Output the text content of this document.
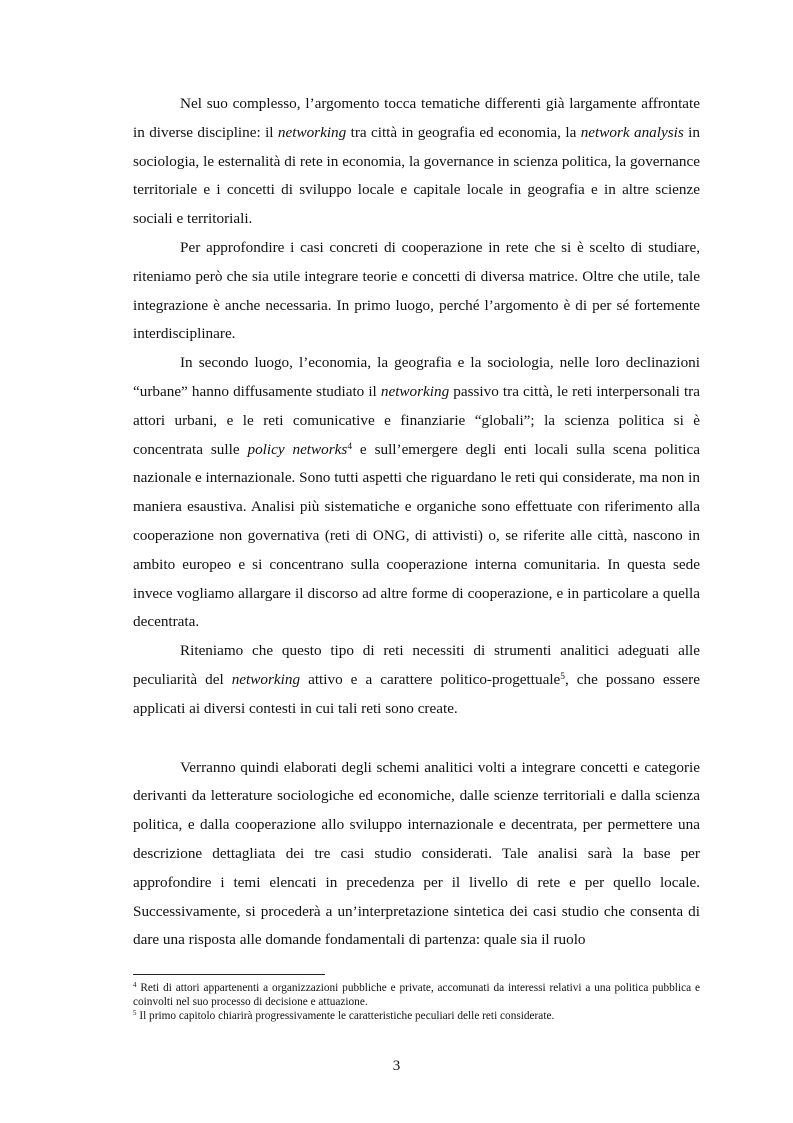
Nel suo complesso, l’argomento tocca tematiche differenti già largamente affrontate in diverse discipline: il networking tra città in geografia ed economia, la network analysis in sociologia, le esternalità di rete in economia, la governance in scienza politica, la governance territoriale e i concetti di sviluppo locale e capitale locale in geografia e in altre scienze sociali e territoriali.

Per approfondire i casi concreti di cooperazione in rete che si è scelto di studiare, riteniamo però che sia utile integrare teorie e concetti di diversa matrice. Oltre che utile, tale integrazione è anche necessaria. In primo luogo, perché l’argomento è di per sé fortemente interdisciplinare.

In secondo luogo, l’economia, la geografia e la sociologia, nelle loro declinazioni “urbane” hanno diffusamente studiato il networking passivo tra città, le reti interpersonali tra attori urbani, e le reti comunicative e finanziarie “globali”; la scienza politica si è concentrata sulle policy networks$^4$ e sull’emergere degli enti locali sulla scena politica nazionale e internazionale. Sono tutti aspetti che riguardano le reti qui considerate, ma non in maniera esaustiva. Analisi più sistematiche e organiche sono effettuate con riferimento alla cooperazione non governativa (reti di ONG, di attivisti) o, se riferite alle città, nascono in ambito europeo e si concentrano sulla cooperazione interna comunitaria. In questa sede invece vogliamo allargare il discorso ad altre forme di cooperazione, e in particolare a quella decentrata.

Riteniamo che questo tipo di reti necessiti di strumenti analitici adeguati alle peculiarità del networking attivo e a carattere politico-progettuale$^5$, che possano essere applicati ai diversi contesti in cui tali reti sono create.

Verranno quindi elaborati degli schemi analitici volti a integrare concetti e categorie derivanti da letterature sociologiche ed economiche, dalle scienze territoriali e dalla scienza politica, e dalla cooperazione allo sviluppo internazionale e decentrata, per permettere una descrizione dettagliata dei tre casi studio considerati. Tale analisi sarà la base per approfondire i temi elencati in precedenza per il livello di rete e per quello locale. Successivamente, si procederà a un’interpretazione sintetica dei casi studio che consenta di dare una risposta alle domande fondamentali di partenza: quale sia il ruolo

$^4$ Reti di attori appartenenti a organizzazioni pubbliche e private, accomunati da interessi relativi a una politica pubblica e coinvolti nel suo processo di decisione e attuazione.

$^5$ Il primo capitolo chiarirà progressivamente le caratteristiche peculiari delle reti considerate.

3
